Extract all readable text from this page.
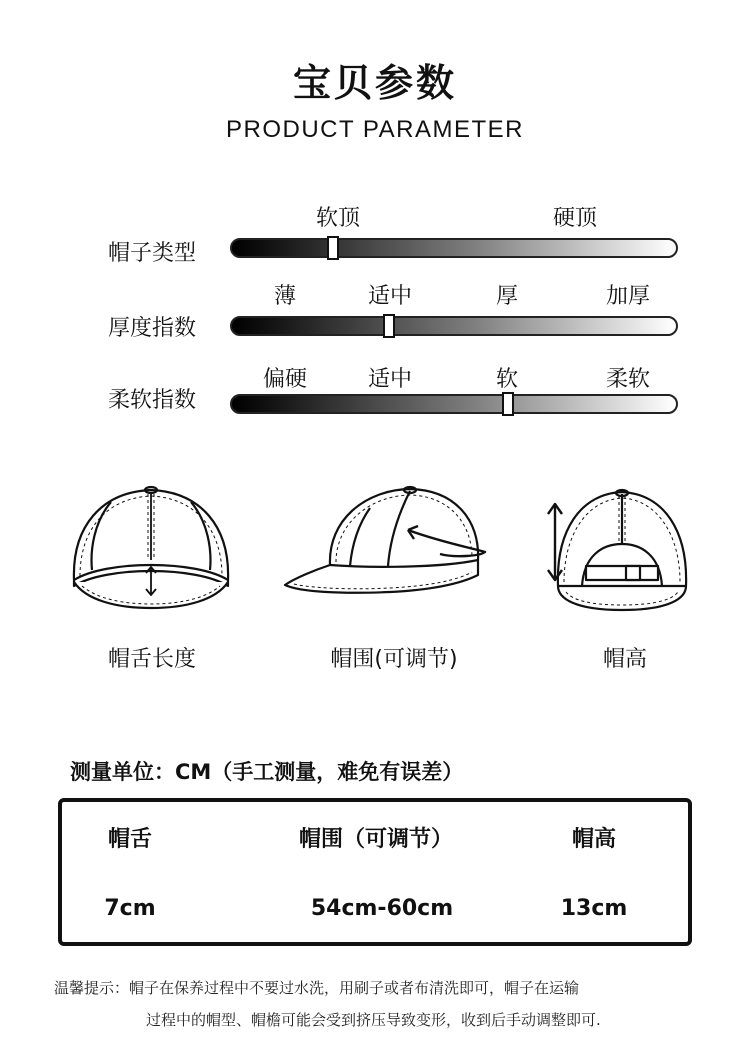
宝贝参数
PRODUCT PARAMETER
软顶	硬顶
帽子类型
薄	适中	厚	加厚
厚度指数
偏硬	适中	软	柔软
柔软指数
帽舌长度	帽围(可调节)	帽高
测量单位：CM（手工测量，难免有误差）
帽舌	帽围（可调节）	帽高
7cm	54cm-60cm	13cm
温馨提示：帽子在保养过程中不要过水洗，用刷子或者布清洗即可，帽子在运输
过程中的帽型、帽檐可能会受到挤压导致变形，收到后手动调整即可.
